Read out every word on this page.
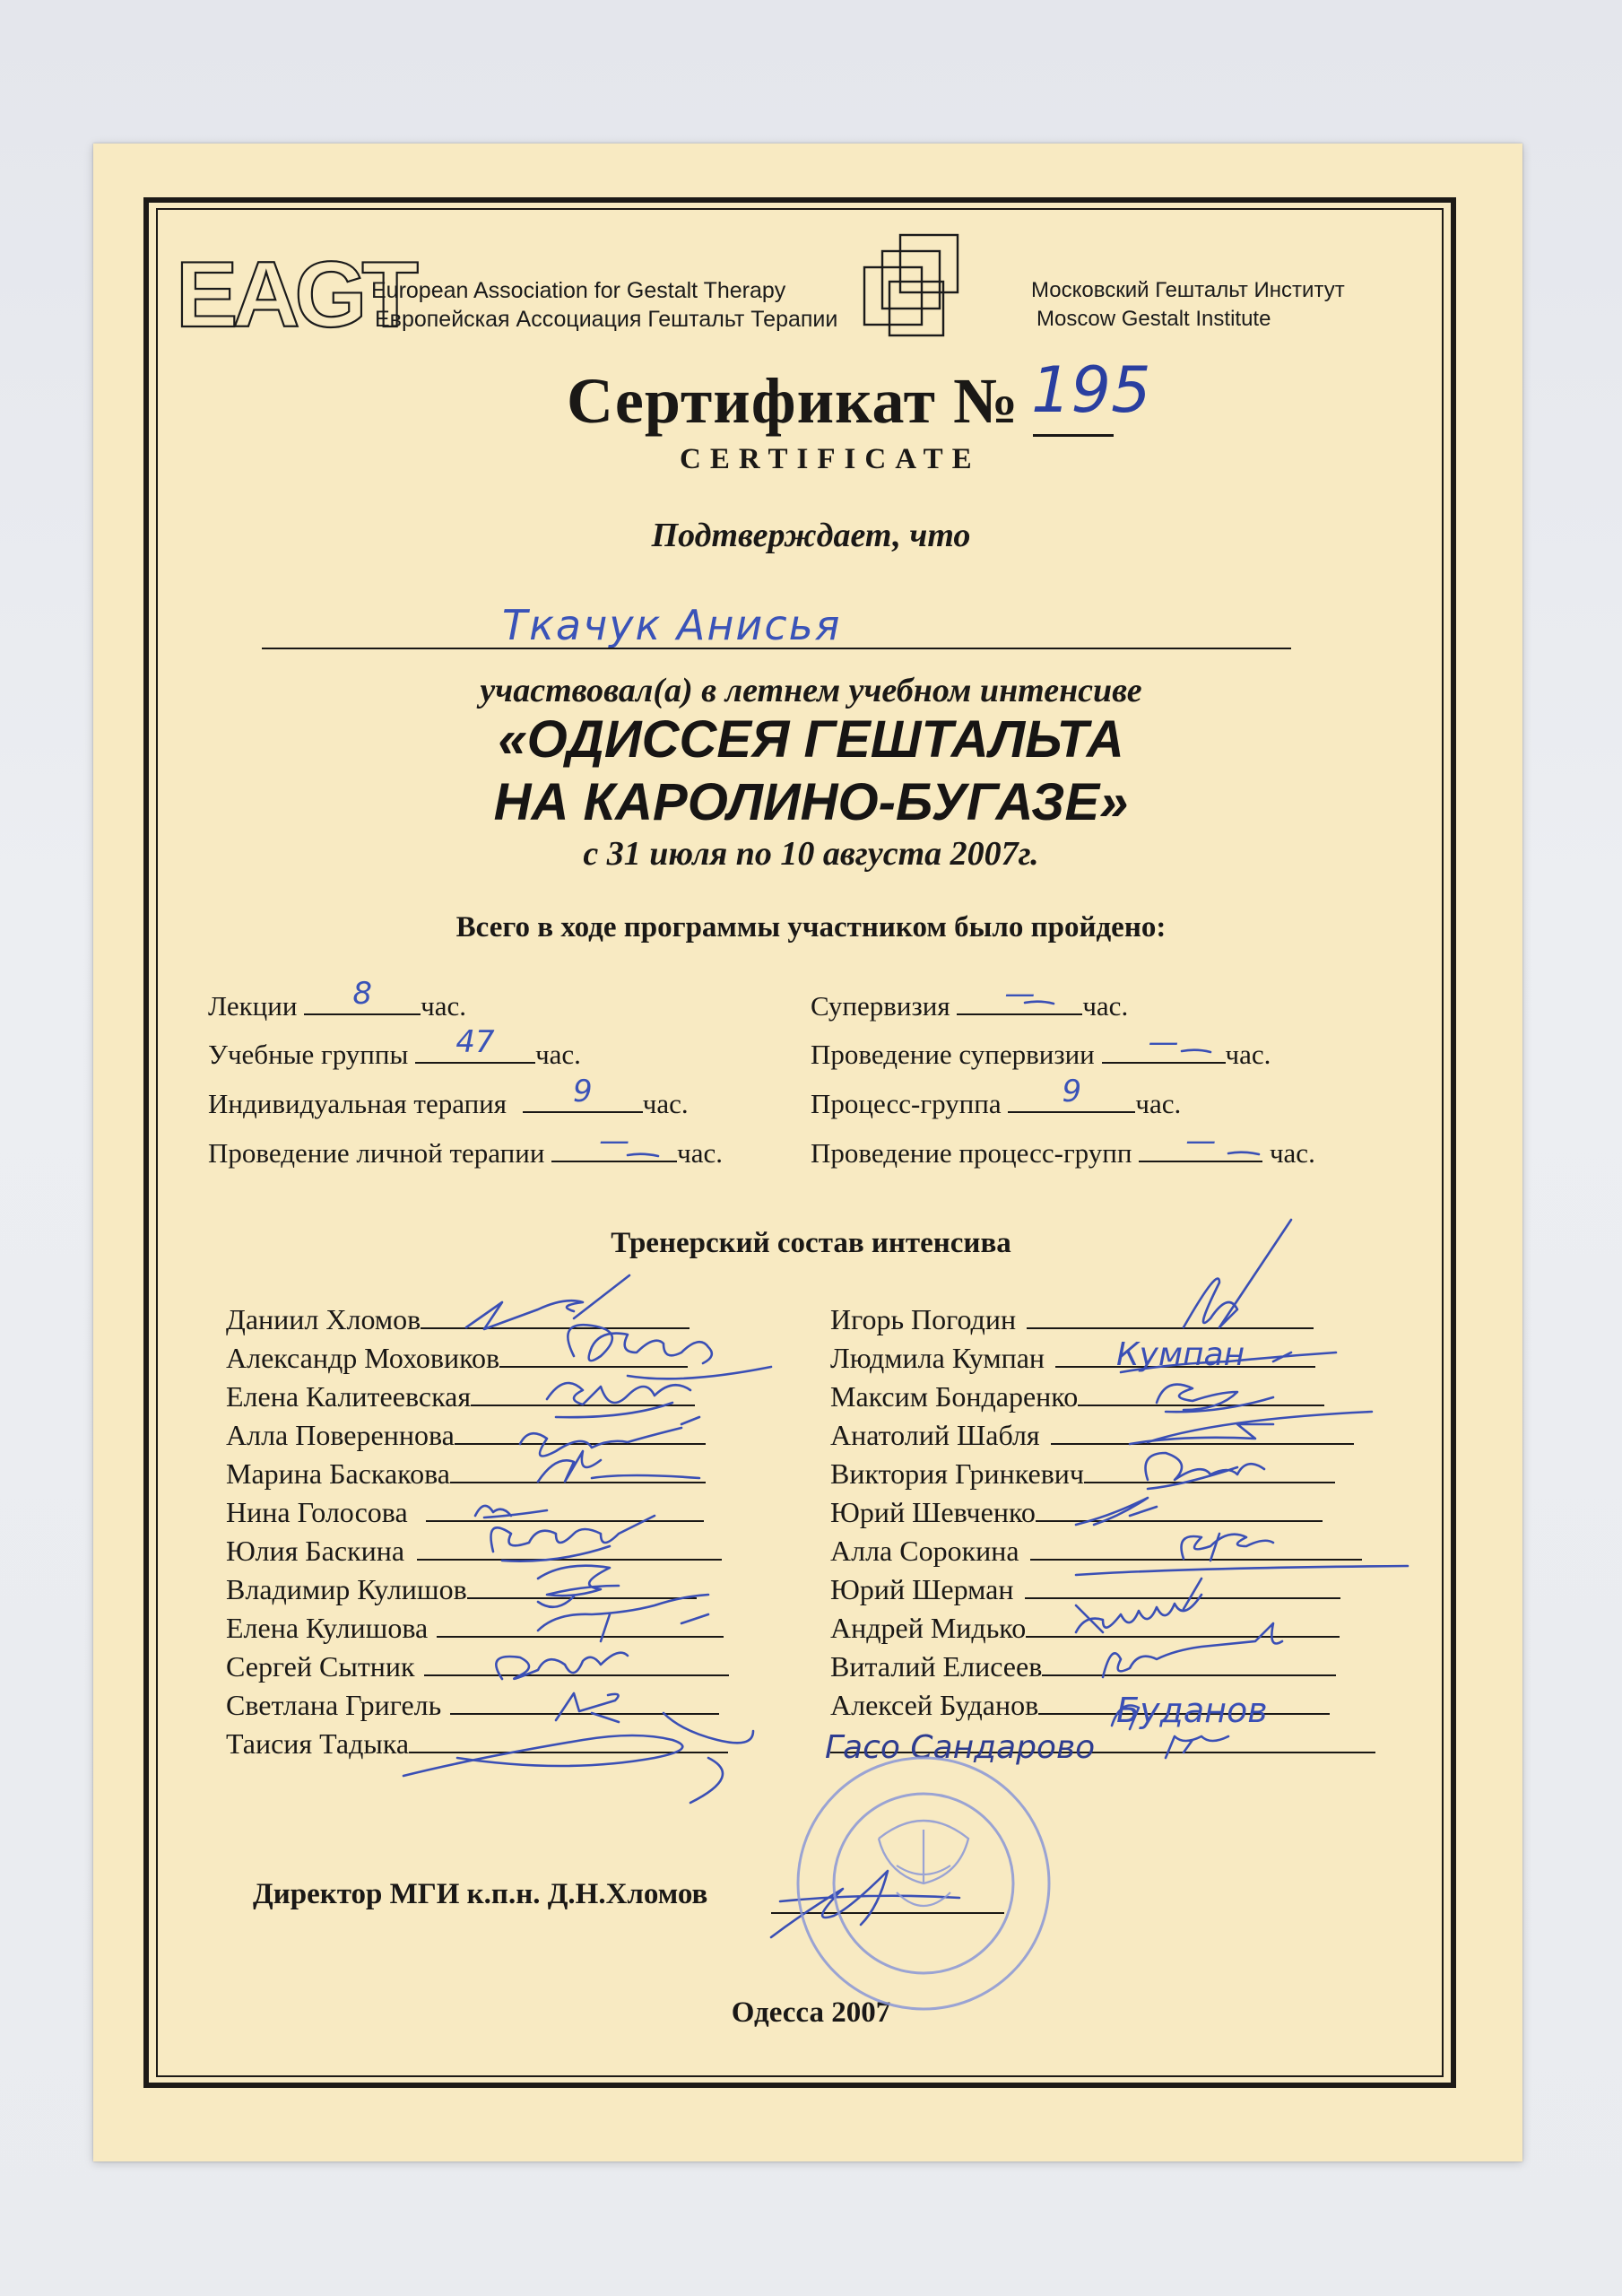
EAGT
European Association for Gestalt Therapy
Европейская Ассоциация Гештальт Терапии
Московский Гештальт Институт
Moscow Gestalt Institute
Сертификат № 195
CERTIFICATE
Подтверждает, что
Ткачук Анисья
участвовал(а) в летнем учебном интенсиве
«ОДИССЕЯ ГЕШТАЛЬТА
НА КАРОЛИНО-БУГАЗЕ»
с 31 июля по 10 августа 2007г.
Всего в ходе программы участником было пройдено:
Лекции	8	час.
Учебные группы	47	час.
Индивидуальная терапия	9	час.
Проведение личной терапии	—	час.
Супервизия	—	час.
Проведение супервизии	—	час.
Процесс-группа	9	час.
Проведение процесс-групп	—	час.
Тренерский состав интенсива
Даниил Хломов
Александр Моховиков
Елена Калитеевская
Алла Повереннова
Марина Баскакова
Нина Голосова
Юлия Баскина
Владимир Кулишов
Елена Кулишова
Сергей Сытник
Светлана Григель
Таисия Тадыка
Игорь Погодин
Людмила Кумпан
Максим Бондаренко
Анатолий Шабля
Виктория Гринкевич
Юрий Шевченко
Алла Сорокина
Юрий Шерман
Андрей Мидько
Виталий Елисеев
Алексей Буданов
Директор МГИ к.п.н. Д.Н.Хломов
Одесса 2007
Кумпан
Буданов
Гасо Сандарово
